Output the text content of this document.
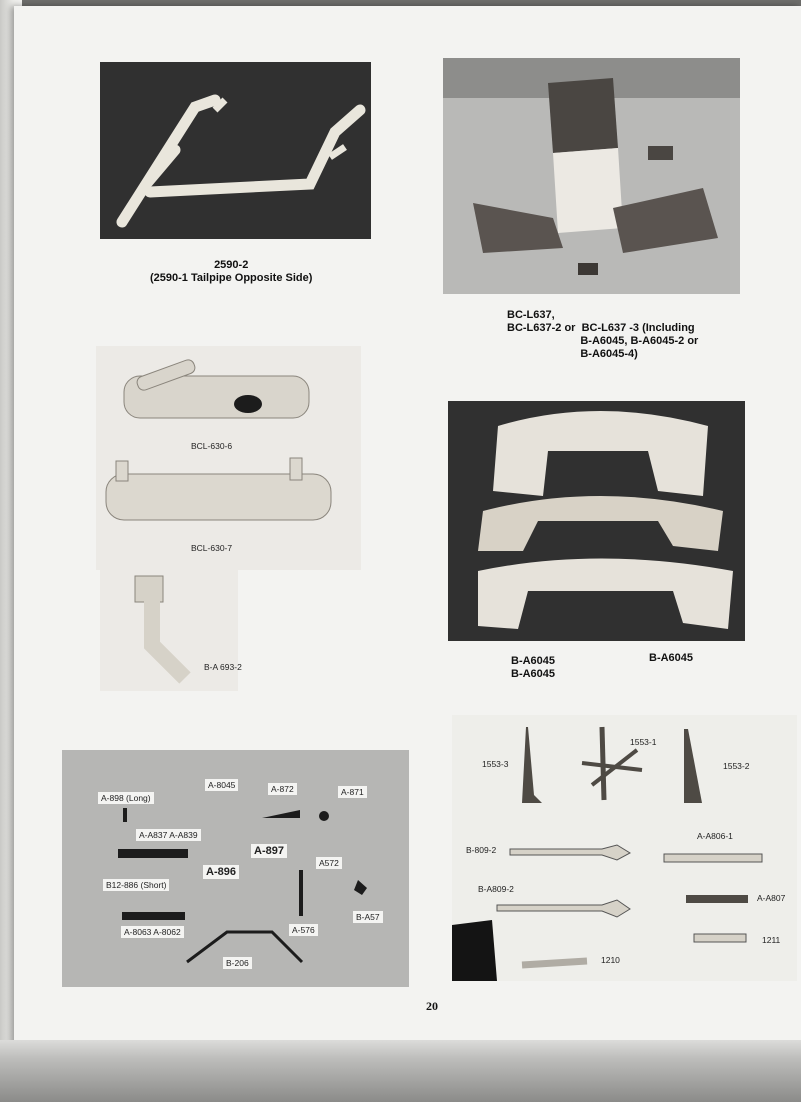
2590-2
(2590-1 Tailpipe Opposite Side)
BC-L637,
BC-L637-2 or  BC-L637 -3 (Including
B-A6045, B-A6045-2 or
B-A6045-4)
BCL-630-6
BCL-630-7
B-A 693-2	B-A6045
B-A6045
B-A6045
A-898 (Long)
A-8045	A-872	A-871
A-A837 A-A839
A-897
A-896
A572
B12-886 (Short)
B-A57
A-8063 A-8062	A-576
B-206
1553-3
1553-1
1553-2
A-A806-1
B-809-2
B-A809-2
A-A807
1211
1210
20
